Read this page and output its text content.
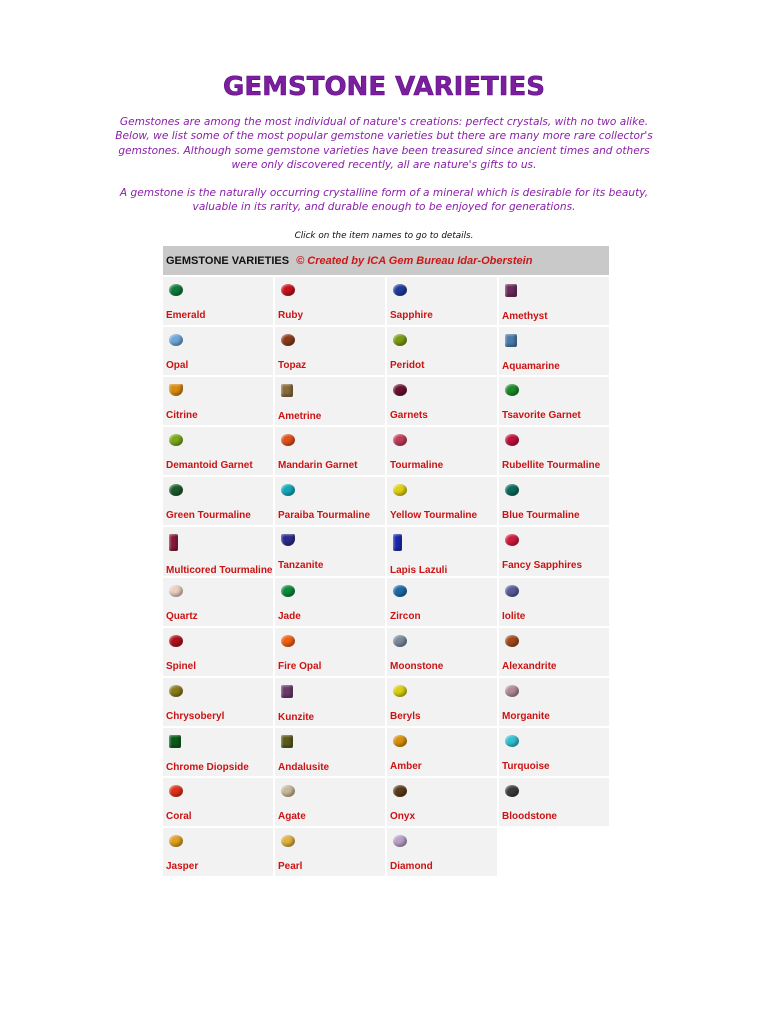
GEMSTONE VARIETIES

Gemstones are among the most individual of nature's creations: perfect crystals, with no two alike. Below, we list some of the most popular gemstone varieties but there are many more rare collector's gemstones. Although some gemstone varieties have been treasured since ancient times and others were only discovered recently, all are nature's gifts to us.

A gemstone is the naturally occurring crystalline form of a mineral which is desirable for its beauty, valuable in its rarity, and durable enough to be enjoyed for generations.

Click on the item names to go to details.
GEMSTONE VARIETIES © Created by ICA Gem Bureau Idar-Oberstein			

Emerald	Ruby	Sapphire	Amethyst

Opal	Topaz	Peridot	Aquamarine

Citrine	Ametrine	Garnets	Tsavorite Garnet

Demantoid Garnet	Mandarin Garnet	Tourmaline	Rubellite Tourmaline

Green Tourmaline	Paraiba Tourmaline	Yellow Tourmaline	Blue Tourmaline

Multicored Tourmaline	Tanzanite	Lapis Lazuli	Fancy Sapphires

Quartz	Jade	Zircon	Iolite

Spinel	Fire Opal	Moonstone	Alexandrite

Chrysoberyl	Kunzite	Beryls	Morganite

Chrome Diopside	Andalusite	Amber	Turquoise

Coral	Agate	Onyx	Bloodstone

Jasper	Pearl	Diamond	
